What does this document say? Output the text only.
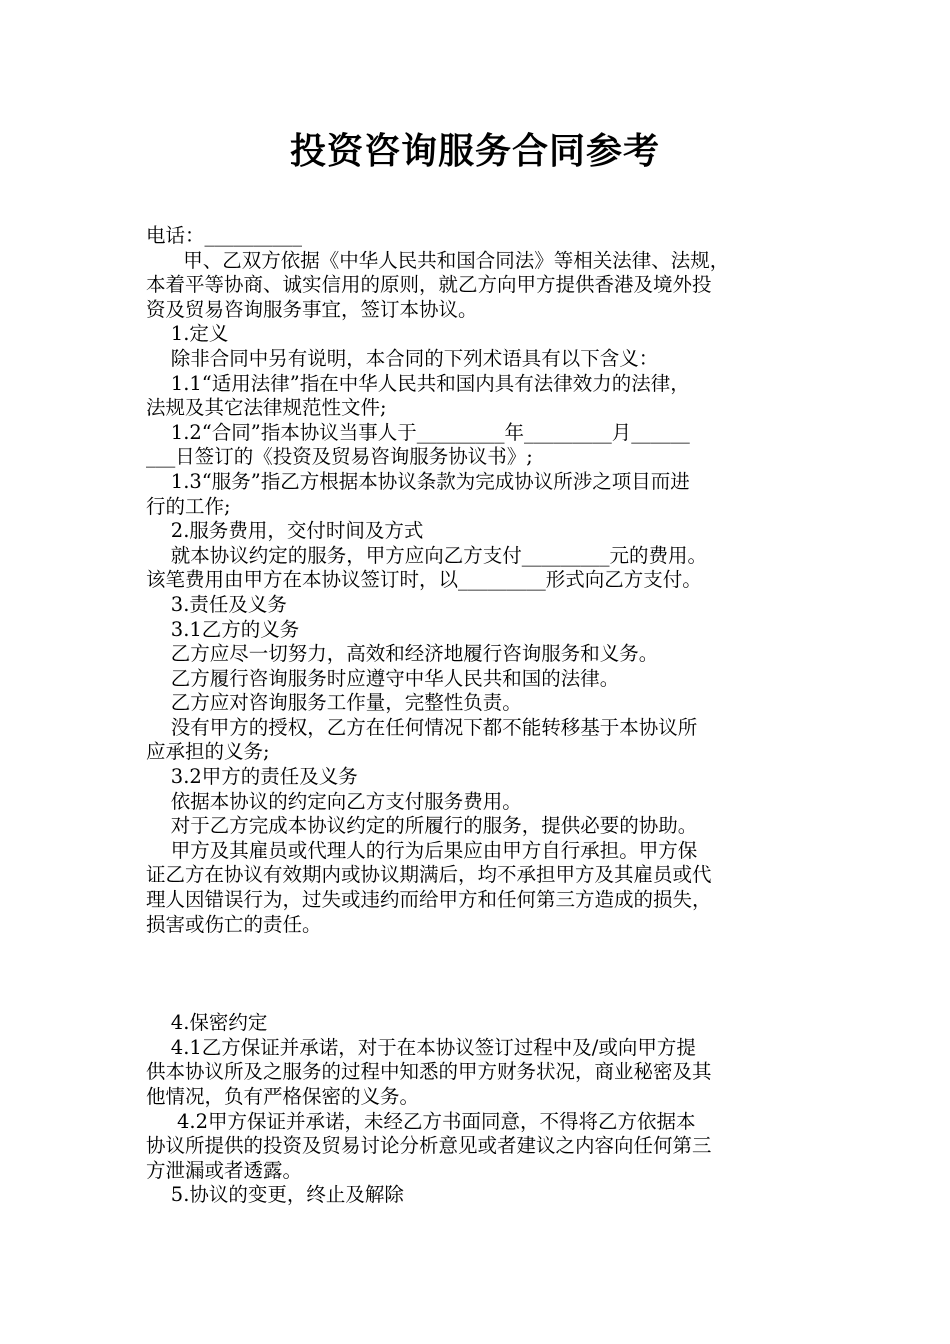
投资咨询服务合同参考
电话：__________
甲、乙双方依据《中华人民共和国合同法》等相关法律、法规，
本着平等协商、诚实信用的原则，就乙方向甲方提供香港及境外投
资及贸易咨询服务事宜，签订本协议。
1.定义
除非合同中另有说明，本合同的下列术语具有以下含义：
1.1“适用法律”指在中华人民共和国内具有法律效力的法律，
法规及其它法律规范性文件;
1.2“合同”指本协议当事人于_________年_________月______
___日签订的《投资及贸易咨询服务协议书》;
1.3“服务”指乙方根据本协议条款为完成协议所涉之项目而进
行的工作;
2.服务费用，交付时间及方式
就本协议约定的服务，甲方应向乙方支付_________元的费用。
该笔费用由甲方在本协议签订时，以_________形式向乙方支付。
3.责任及义务
3.1乙方的义务
乙方应尽一切努力，高效和经济地履行咨询服务和义务。
乙方履行咨询服务时应遵守中华人民共和国的法律。
乙方应对咨询服务工作量，完整性负责。
没有甲方的授权，乙方在任何情况下都不能转移基于本协议所
应承担的义务;
3.2甲方的责任及义务
依据本协议的约定向乙方支付服务费用。
对于乙方完成本协议约定的所履行的服务，提供必要的协助。
甲方及其雇员或代理人的行为后果应由甲方自行承担。甲方保
证乙方在协议有效期内或协议期满后，均不承担甲方及其雇员或代
理人因错误行为，过失或违约而给甲方和任何第三方造成的损失，
损害或伤亡的责任。
4.保密约定
4.1乙方保证并承诺，对于在本协议签订过程中及/或向甲方提
供本协议所及之服务的过程中知悉的甲方财务状况，商业秘密及其
他情况，负有严格保密的义务。
4.2甲方保证并承诺，未经乙方书面同意，不得将乙方依据本
协议所提供的投资及贸易讨论分析意见或者建议之内容向任何第三
方泄漏或者透露。
5.协议的变更，终止及解除
